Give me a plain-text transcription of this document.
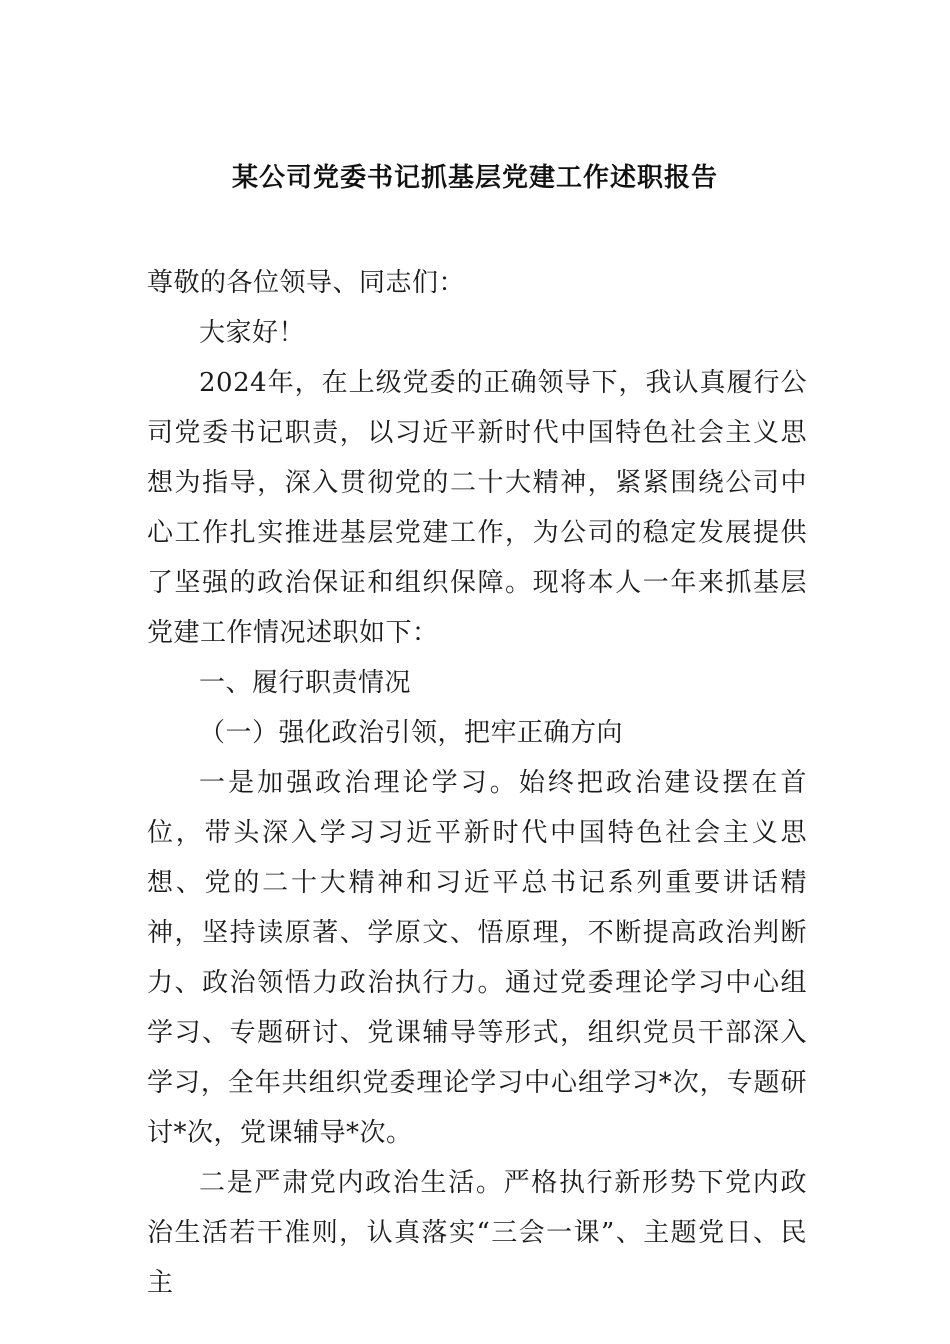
某公司党委书记抓基层党建工作述职报告

尊敬的各位领导、同志们：

大家好！

2024年，在上级党委的正确领导下，我认真履行公司党委书记职责，以习近平新时代中国特色社会主义思想为指导，深入贯彻党的二十大精神，紧紧围绕公司中心工作扎实推进基层党建工作，为公司的稳定发展提供了坚强的政治保证和组织保障。现将本人一年来抓基层党建工作情况述职如下：

一、履行职责情况

（一）强化政治引领，把牢正确方向

一是加强政治理论学习。始终把政治建设摆在首位，带头深入学习习近平新时代中国特色社会主义思想、党的二十大精神和习近平总书记系列重要讲话精神，坚持读原著、学原文、悟原理，不断提高政治判断力、政治领悟力政治执行力。通过党委理论学习中心组学习、专题研讨、党课辅导等形式，组织党员干部深入学习，全年共组织党委理论学习中心组学习*次，专题研讨*次，党课辅导*次。

二是严肃党内政治生活。严格执行新形势下党内政治生活若干准则，认真落实“三会一课”、主题党日、民主
